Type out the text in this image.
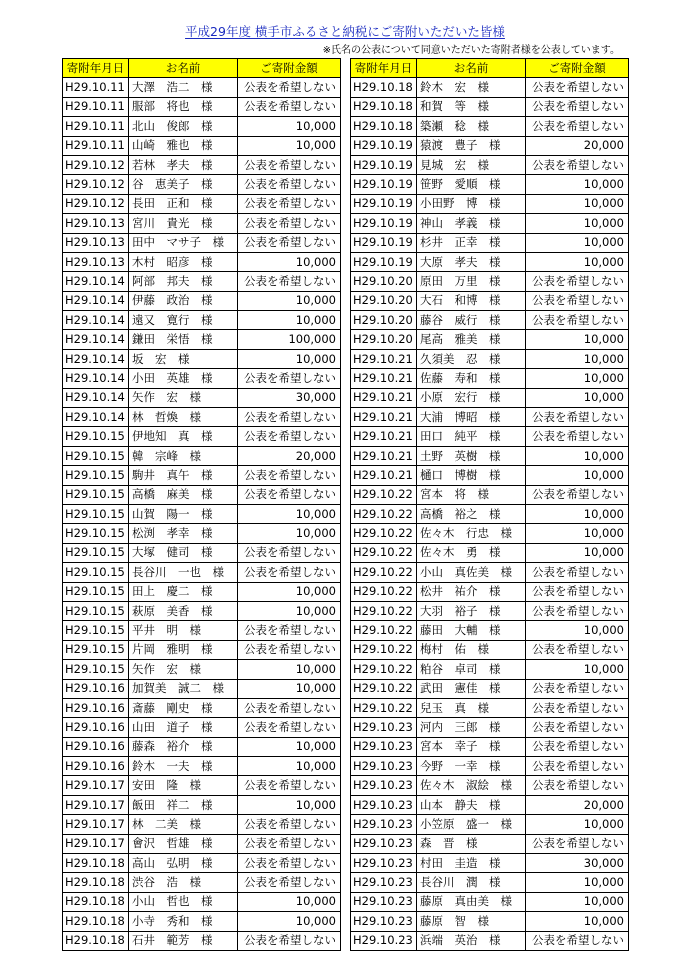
平成29年度 横手市ふるさと納税にご寄附いただいた皆様
※氏名の公表について同意いただいた寄附者様を公表しています。
寄附年月日	お名前	ご寄附金額
H29.10.11	大澤　浩二　様	公表を希望しない
H29.10.11	服部　将也　様	公表を希望しない
H29.10.11	北山　俊郎　様	10,000
H29.10.11	山崎　雅也　様	10,000
H29.10.12	若林　孝夫　様	公表を希望しない
H29.10.12	谷　恵美子　様	公表を希望しない
H29.10.12	長田　正和　様	公表を希望しない
H29.10.13	宮川　貴光　様	公表を希望しない
H29.10.13	田中　マサ子　様	公表を希望しない
H29.10.13	木村　昭彦　様	10,000
H29.10.14	阿部　邦夫　様	公表を希望しない
H29.10.14	伊藤　政治　様	10,000
H29.10.14	遠又　寛行　様	10,000
H29.10.14	鎌田　栄悟　様	100,000
H29.10.14	坂　宏　様	10,000
H29.10.14	小田　英雄　様	公表を希望しない
H29.10.14	矢作　宏　様	30,000
H29.10.14	林　哲煥　様	公表を希望しない
H29.10.15	伊地知　真　様	公表を希望しない
H29.10.15	韓　宗峰　様	20,000
H29.10.15	駒井　真午　様	公表を希望しない
H29.10.15	高橋　麻美　様	公表を希望しない
H29.10.15	山賀　陽一　様	10,000
H29.10.15	松渕　孝幸　様	10,000
H29.10.15	大塚　健司　様	公表を希望しない
H29.10.15	長谷川　一也　様	公表を希望しない
H29.10.15	田上　慶二　様	10,000
H29.10.15	萩原　美香　様	10,000
H29.10.15	平井　明　様	公表を希望しない
H29.10.15	片岡　雅明　様	公表を希望しない
H29.10.15	矢作　宏　様	10,000
H29.10.16	加賀美　誠二　様	10,000
H29.10.16	斎藤　剛史　様	公表を希望しない
H29.10.16	山田　道子　様	公表を希望しない
H29.10.16	藤森　裕介　様	10,000
H29.10.16	鈴木　一夫　様	10,000
H29.10.17	安田　隆　様	公表を希望しない
H29.10.17	飯田　祥二　様	10,000
H29.10.17	林　二美　様	公表を希望しない
H29.10.17	會沢　哲雄　様	公表を希望しない
H29.10.18	高山　弘明　様	公表を希望しない
H29.10.18	渋谷　浩　様	公表を希望しない
H29.10.18	小山　哲也　様	10,000
H29.10.18	小寺　秀和　様	10,000
H29.10.18	石井　範芳　様	公表を希望しない
寄附年月日	お名前	ご寄附金額
H29.10.18	鈴木　宏　様	公表を希望しない
H29.10.18	和賀　等　様	公表を希望しない
H29.10.18	築瀬　稔　様	公表を希望しない
H29.10.19	猿渡　豊子　様	20,000
H29.10.19	見城　宏　様	公表を希望しない
H29.10.19	笹野　愛順　様	10,000
H29.10.19	小田野　博　様	10,000
H29.10.19	神山　孝義　様	10,000
H29.10.19	杉井　正幸　様	10,000
H29.10.19	大原　孝夫　様	10,000
H29.10.20	原田　万里　様	公表を希望しない
H29.10.20	大石　和博　様	公表を希望しない
H29.10.20	藤谷　威行　様	公表を希望しない
H29.10.20	尾高　雅美　様	10,000
H29.10.21	久須美　忍　様	10,000
H29.10.21	佐藤　寿和　様	10,000
H29.10.21	小原　宏行　様	10,000
H29.10.21	大浦　博昭　様	公表を希望しない
H29.10.21	田口　純平　様	公表を希望しない
H29.10.21	土野　英樹　様	10,000
H29.10.21	樋口　博樹　様	10,000
H29.10.22	宮本　将　様	公表を希望しない
H29.10.22	高橋　裕之　様	10,000
H29.10.22	佐々木　行忠　様	10,000
H29.10.22	佐々木　勇　様	10,000
H29.10.22	小山　真佐美　様	公表を希望しない
H29.10.22	松井　祐介　様	公表を希望しない
H29.10.22	大羽　裕子　様	公表を希望しない
H29.10.22	藤田　大輔　様	10,000
H29.10.22	梅村　佑　様	公表を希望しない
H29.10.22	粕谷　卓司　様	10,000
H29.10.22	武田　憲佳　様	公表を希望しない
H29.10.22	兒玉　真　様	公表を希望しない
H29.10.23	河内　三郎　様	公表を希望しない
H29.10.23	宮本　幸子　様	公表を希望しない
H29.10.23	今野　一幸　様	公表を希望しない
H29.10.23	佐々木　淑絵　様	公表を希望しない
H29.10.23	山本　静夫　様	20,000
H29.10.23	小笠原　盛一　様	10,000
H29.10.23	森　晋　様	公表を希望しない
H29.10.23	村田　圭造　様	30,000
H29.10.23	長谷川　潤　様	10,000
H29.10.23	藤原　真由美　様	10,000
H29.10.23	藤原　智　様	10,000
H29.10.23	浜端　英治　様	公表を希望しない
